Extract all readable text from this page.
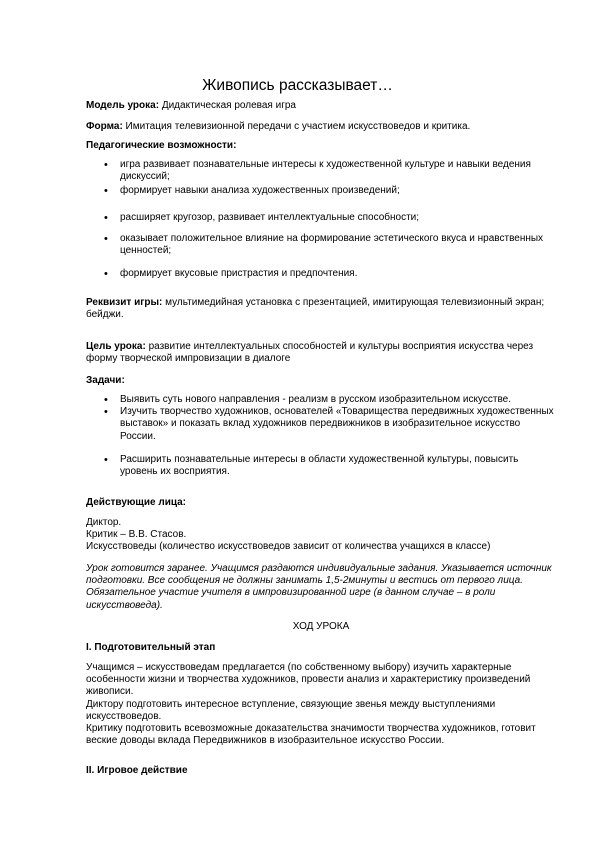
Живопись рассказывает…
Модель урока: Дидактическая ролевая игра
Форма: Имитация телевизионной передачи с участием искусствоведов и критика.
Педагогические возможности:
• игра развивает познавательные интересы к художественной культуре и навыки ведения дискуссий;
• формирует навыки анализа художественных произведений;
• расширяет кругозор, развивает интеллектуальные способности;
• оказывает положительное влияние на формирование эстетического вкуса и нравственных ценностей;
• формирует вкусовые пристрастия и предпочтения.
Реквизит игры: мультимедийная установка с презентацией, имитирующая телевизионный экран;
бейджи.
Цель урока: развитие интеллектуальных способностей и культуры восприятия искусства через форму творческой импровизации в диалоге
Задачи:
• Выявить суть нового направления - реализм в русском изобразительном искусстве.
• Изучить творчество художников, основателей «Товарищества передвижных художественных выставок» и показать вклад художников передвижников в изобразительное искусство России.
• Расширить познавательные интересы в области художественной культуры, повысить уровень их восприятия.
Действующие лица:
Диктор.
Критик – В.В. Стасов.
Искусствоведы (количество искусствоведов зависит от количества учащихся в классе)
Урок готовится заранее. Учащимся раздаются индивидуальные задания. Указывается источник подготовки. Все сообщения не должны занимать 1,5-2минуты и вестись от первого лица. Обязательное участие учителя в импровизированной игре (в данном случае – в роли искусствоведа).
ХОД УРОКА
I. Подготовительный этап
Учащимся – искусствоведам предлагается (по собственному выбору) изучить характерные особенности жизни и творчества художников, провести анализ и характеристику произведений живописи.
Диктору подготовить интересное вступление, связующие звенья между выступлениями искусствоведов.
Критику подготовить всевозможные доказательства значимости творчества художников, готовит веские доводы вклада Передвижников в изобразительное искусство России.
II. Игровое действие
